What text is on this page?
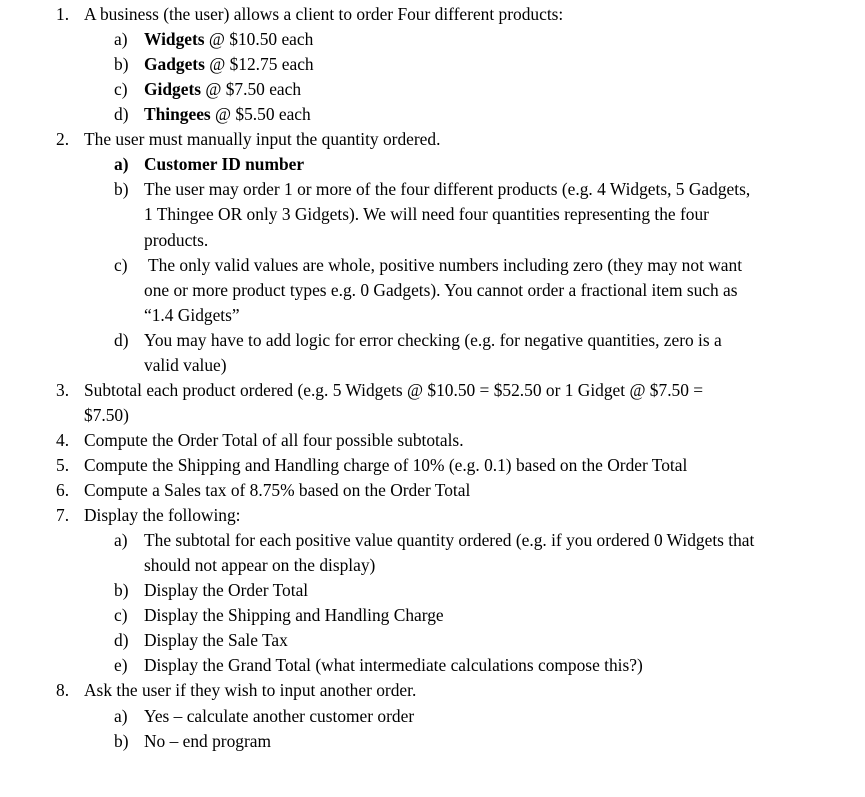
1. A business (the user) allows a client to order Four different products:
a) Widgets @ $10.50 each
b) Gadgets @ $12.75 each
c) Gidgets @ $7.50 each
d) Thingees @ $5.50 each
2. The user must manually input the quantity ordered.
a) Customer ID number
b) The user may order 1 or more of the four different products (e.g. 4 Widgets, 5 Gadgets,
1 Thingee OR only 3 Gidgets). We will need four quantities representing the four
products.
c) The only valid values are whole, positive numbers including zero (they may not want
one or more product types e.g. 0 Gadgets). You cannot order a fractional item such as
“1.4 Gidgets”
d) You may have to add logic for error checking (e.g. for negative quantities, zero is a
valid value)
3. Subtotal each product ordered (e.g. 5 Widgets @ $10.50 = $52.50 or 1 Gidget @ $7.50 =
$7.50)
4. Compute the Order Total of all four possible subtotals.
5. Compute the Shipping and Handling charge of 10% (e.g. 0.1) based on the Order Total
6. Compute a Sales tax of 8.75% based on the Order Total
7. Display the following:
a) The subtotal for each positive value quantity ordered (e.g. if you ordered 0 Widgets that
should not appear on the display)
b) Display the Order Total
c) Display the Shipping and Handling Charge
d) Display the Sale Tax
e) Display the Grand Total (what intermediate calculations compose this?)
8. Ask the user if they wish to input another order.
a) Yes – calculate another customer order
b) No – end program
